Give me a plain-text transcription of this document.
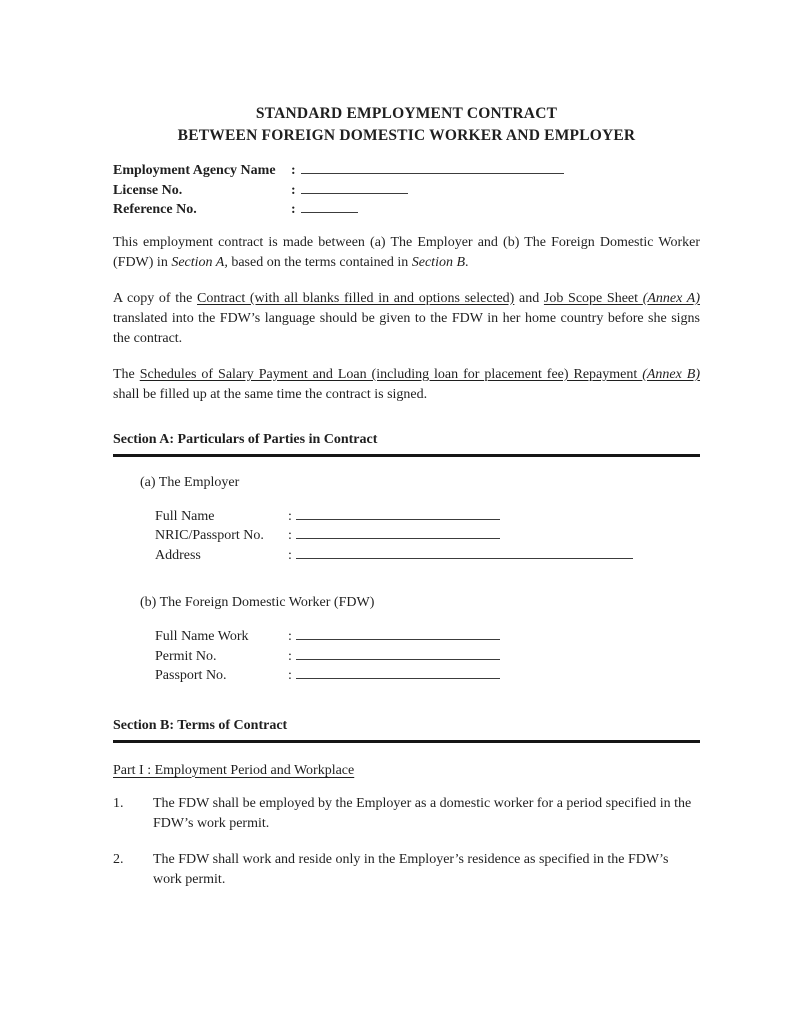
STANDARD EMPLOYMENT CONTRACT
BETWEEN FOREIGN DOMESTIC WORKER AND EMPLOYER
Employment Agency Name	:
License No.	:
Reference No.	:

This employment contract is made between (a) The Employer and (b) The Foreign Domestic Worker (FDW) in Section A, based on the terms contained in Section B.

A copy of the Contract (with all blanks filled in and options selected) and Job Scope Sheet (Annex A) translated into the FDW’s language should be given to the FDW in her home country before she signs the contract.

The Schedules of Salary Payment and Loan (including loan for placement fee) Repayment (Annex B) shall be filled up at the same time the contract is signed.

Section A: Particulars of Parties in Contract
(a) The Employer
Full Name	:
NRIC/Passport No.	:
Address	:
(b) The Foreign Domestic Worker (FDW)
Full Name Work	:
Permit No.	:
Passport No.	:
Section B: Terms of Contract
Part I : Employment Period and Workplace
1.	The FDW shall be employed by the Employer as a domestic worker for a period specified in the FDW’s work permit.
2.	The FDW shall work and reside only in the Employer’s residence as specified in the FDW’s work permit.
